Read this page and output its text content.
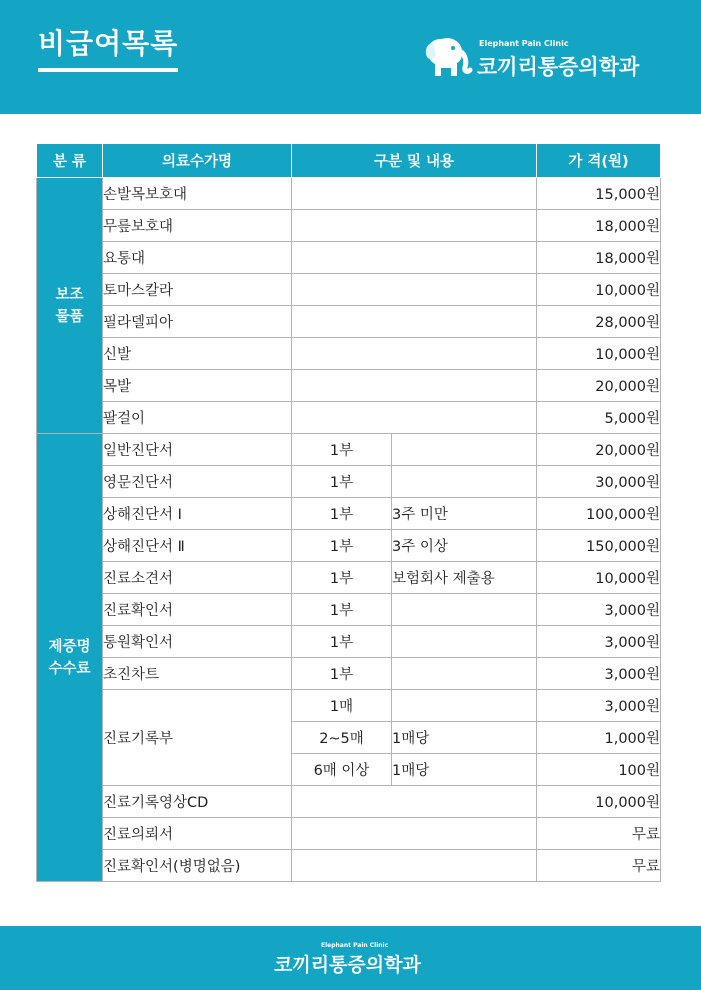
비급여목록	Elephant Pain Clinic
코끼리통증의학과
분 류	의료수가명	구분 및 내용		가 격(원)
보조
물품	손발목보호대			15,000원
	무릎보호대			18,000원
	요통대			18,000원
	토마스칼라			10,000원
	필라델피아			28,000원
	신발			10,000원
	목발			20,000원
	팔걸이			5,000원
제증명
수수료	일반진단서	1부		20,000원
	영문진단서	1부		30,000원
	상해진단서 Ⅰ	1부	3주 미만	100,000원
	상해진단서 Ⅱ	1부	3주 이상	150,000원
	진료소견서	1부	보험회사 제출용	10,000원
	진료확인서	1부		3,000원
	통원확인서	1부		3,000원
	초진차트	1부		3,000원
	진료기록부	1매		3,000원
		2~5매	1매당	1,000원
		6매 이상	1매당	100원
	진료기록영상CD			10,000원
	진료의뢰서			무료
	진료확인서(병명없음)			무료
Elephant Pain Clinic
코끼리통증의학과
